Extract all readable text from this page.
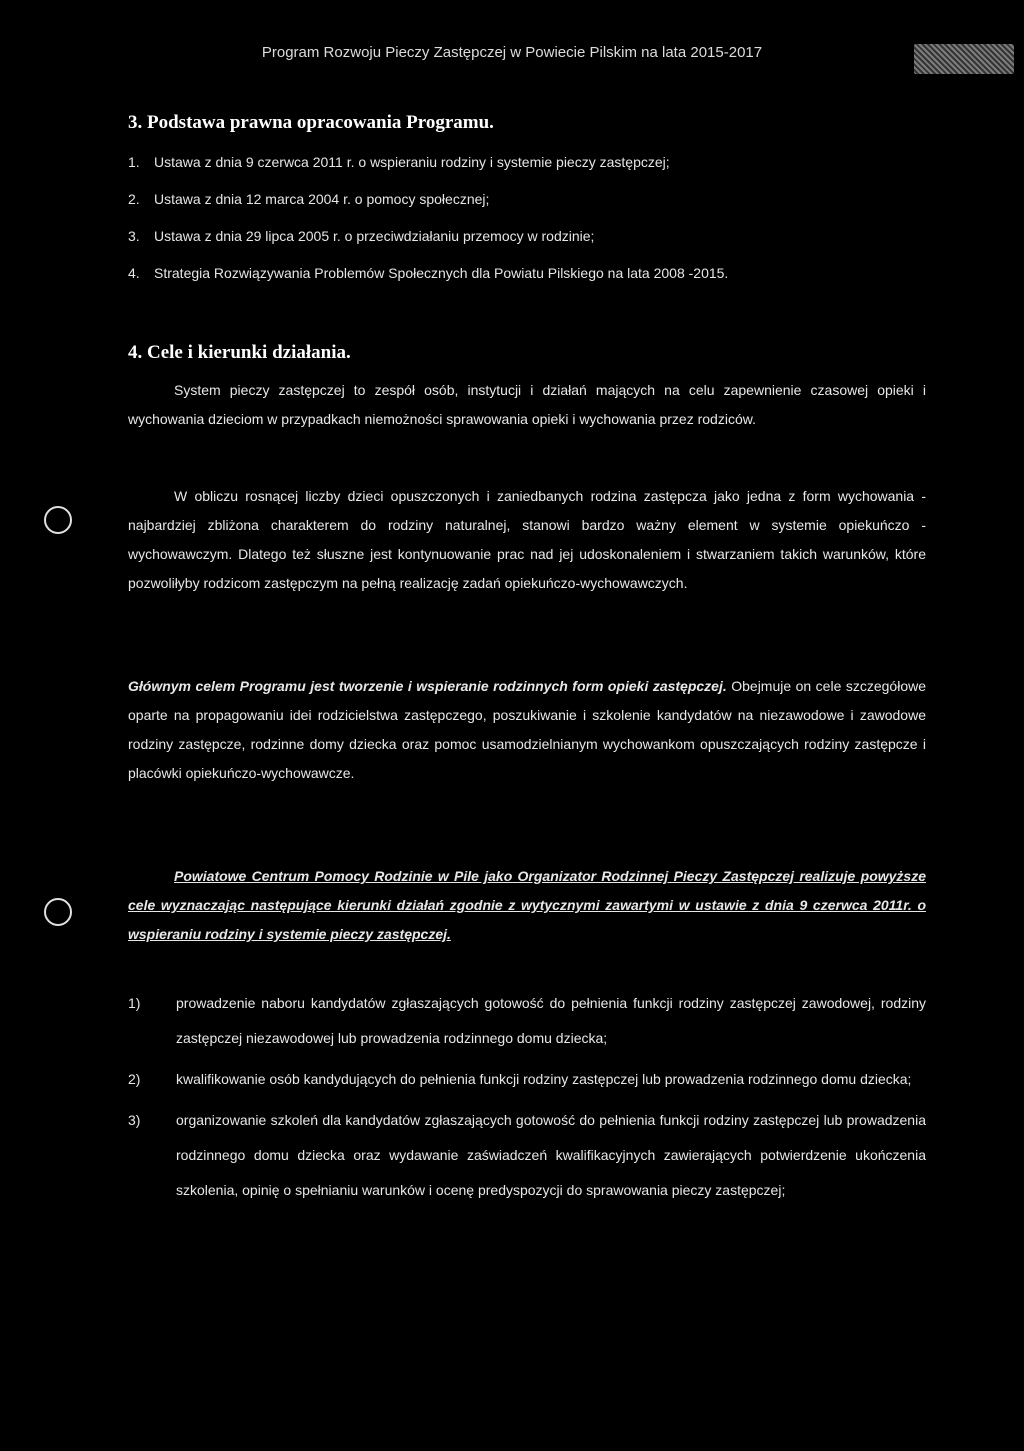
Program Rozwoju Pieczy Zastępczej w Powiecie Pilskim na lata 2015-2017
3. Podstawa prawna opracowania Programu.
1. Ustawa z dnia 9 czerwca 2011 r. o wspieraniu rodziny i systemie pieczy zastępczej;
2. Ustawa z dnia 12 marca 2004 r. o pomocy społecznej;
3. Ustawa z dnia 29 lipca 2005 r. o przeciwdziałaniu przemocy w rodzinie;
4. Strategia Rozwiązywania Problemów Społecznych dla Powiatu Pilskiego na lata 2008 -2015.
4. Cele i kierunki działania.
System pieczy zastępczej to zespół osób, instytucji i działań mających na celu zapewnienie czasowej opieki i wychowania dzieciom w przypadkach niemożności sprawowania opieki i wychowania przez rodziców.
W obliczu rosnącej liczby dzieci opuszczonych i zaniedbanych rodzina zastępcza jako jedna z form wychowania - najbardziej zbliżona charakterem do rodziny naturalnej, stanowi bardzo ważny element w systemie opiekuńczo - wychowawczym. Dlatego też słuszne jest kontynuowanie prac nad jej udoskonaleniem i stwarzaniem takich warunków, które pozwoliłyby rodzicom zastępczym na pełną realizację zadań opiekuńczo-wychowawczych.
Głównym celem Programu jest tworzenie i wspieranie rodzinnych form opieki zastępczej. Obejmuje on cele szczegółowe oparte na propagowaniu idei rodzicielstwa zastępczego, poszukiwanie i szkolenie kandydatów na niezawodowe i zawodowe rodziny zastępcze, rodzinne domy dziecka oraz pomoc usamodzielnianym wychowankom opuszczających rodziny zastępcze i placówki opiekuńczo-wychowawcze.
Powiatowe Centrum Pomocy Rodzinie w Pile jako Organizator Rodzinnej Pieczy Zastępczej realizuje powyższe cele wyznaczając następujące kierunki działań zgodnie z wytycznymi zawartymi w ustawie z dnia 9 czerwca 2011r. o wspieraniu rodziny i systemie pieczy zastępczej.
1)	prowadzenie naboru kandydatów zgłaszających gotowość do pełnienia funkcji rodziny zastępczej zawodowej, rodziny zastępczej niezawodowej lub prowadzenia rodzinnego domu dziecka;
2)	kwalifikowanie osób kandydujących do pełnienia funkcji rodziny zastępczej lub prowadzenia rodzinnego domu dziecka;
3)	organizowanie szkoleń dla kandydatów zgłaszających gotowość do pełnienia funkcji rodziny zastępczej lub prowadzenia rodzinnego domu dziecka oraz wydawanie zaświadczeń kwalifikacyjnych zawierających potwierdzenie ukończenia szkolenia, opinię o spełnianiu warunków i ocenę predyspozycji do sprawowania pieczy zastępczej;
